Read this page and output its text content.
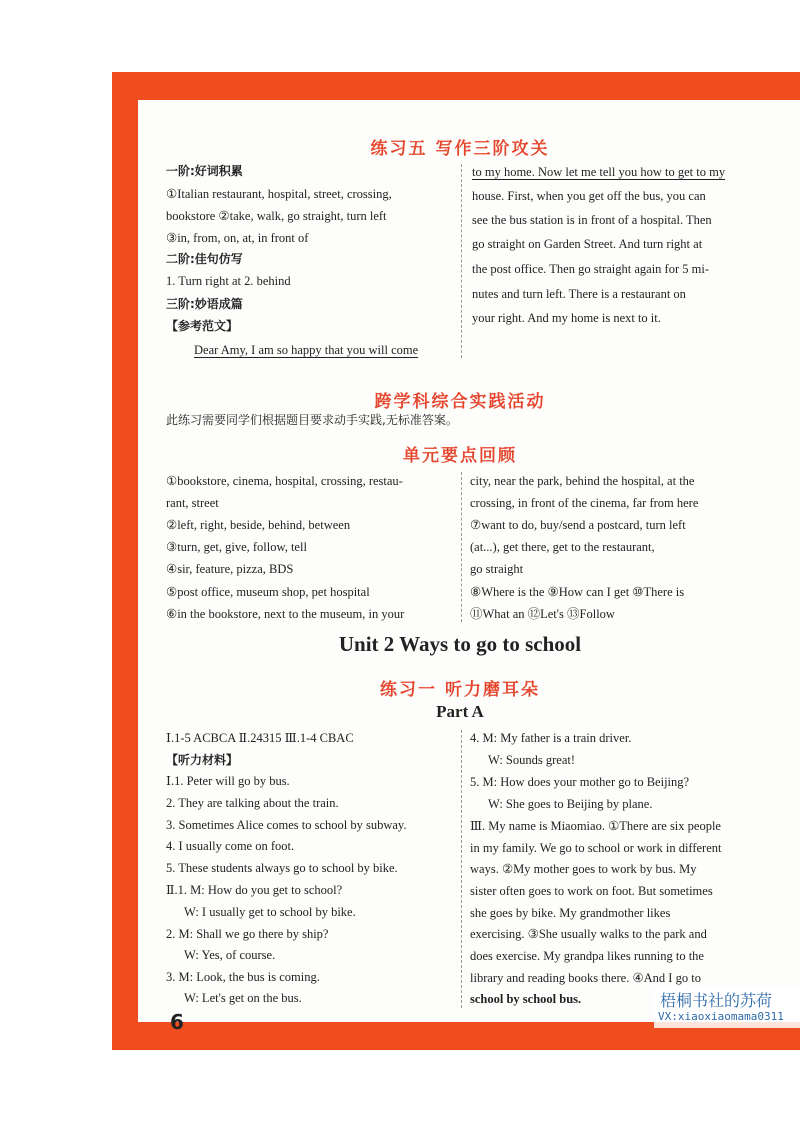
练习五 写作三阶攻关
一阶:好词积累
①Italian restaurant, hospital, street, crossing,
bookstore ②take, walk, go straight, turn left
③in, from, on, at, in front of
二阶:佳句仿写
1. Turn right at 2. behind
三阶:妙语成篇
【参考范文】
Dear Amy, I am so happy that you will come
to my home. Now let me tell you how to get to my
house. First, when you get off the bus, you can
see the bus station is in front of a hospital. Then
go straight on Garden Street. And turn right at
the post office. Then go straight again for 5 mi-
nutes and turn left. There is a restaurant on
your right. And my home is next to it.
跨学科综合实践活动
此练习需要同学们根据题目要求动手实践,无标准答案。
单元要点回顾
①bookstore, cinema, hospital, crossing, restau-
rant, street
②left, right, beside, behind, between
③turn, get, give, follow, tell
④sir, feature, pizza, BDS
⑤post office, museum shop, pet hospital
⑥in the bookstore, next to the museum, in your
city, near the park, behind the hospital, at the
crossing, in front of the cinema, far from here
⑦want to do, buy/send a postcard, turn left
(at...), get there, get to the restaurant,
go straight
⑧Where is the ⑨How can I get ⑩There is
⑪What an ⑫Let's ⑬Follow
Unit 2 Ways to go to school
练习一 听力磨耳朵
Part A
Ⅰ.1-5 ACBCA Ⅱ.24315 Ⅲ.1-4 CBAC
【听力材料】
Ⅰ.1. Peter will go by bus.
2. They are talking about the train.
3. Sometimes Alice comes to school by subway.
4. I usually come on foot.
5. These students always go to school by bike.
Ⅱ.1. M: How do you get to school?
W: I usually get to school by bike.
2. M: Shall we go there by ship?
W: Yes, of course.
3. M: Look, the bus is coming.
W: Let's get on the bus.
4. M: My father is a train driver.
W: Sounds great!
5. M: How does your mother go to Beijing?
W: She goes to Beijing by plane.
Ⅲ. My name is Miaomiao. ①There are six people
in my family. We go to school or work in different
ways. ②My mother goes to work by bus. My
sister often goes to work on foot. But sometimes
she goes by bike. My grandmother likes
exercising. ③She usually walks to the park and
does exercise. My grandpa likes running to the
library and reading books there. ④And I go to
school by school bus.
6
梧桐书社的苏荷
VX:xiaoxiaomama0311
